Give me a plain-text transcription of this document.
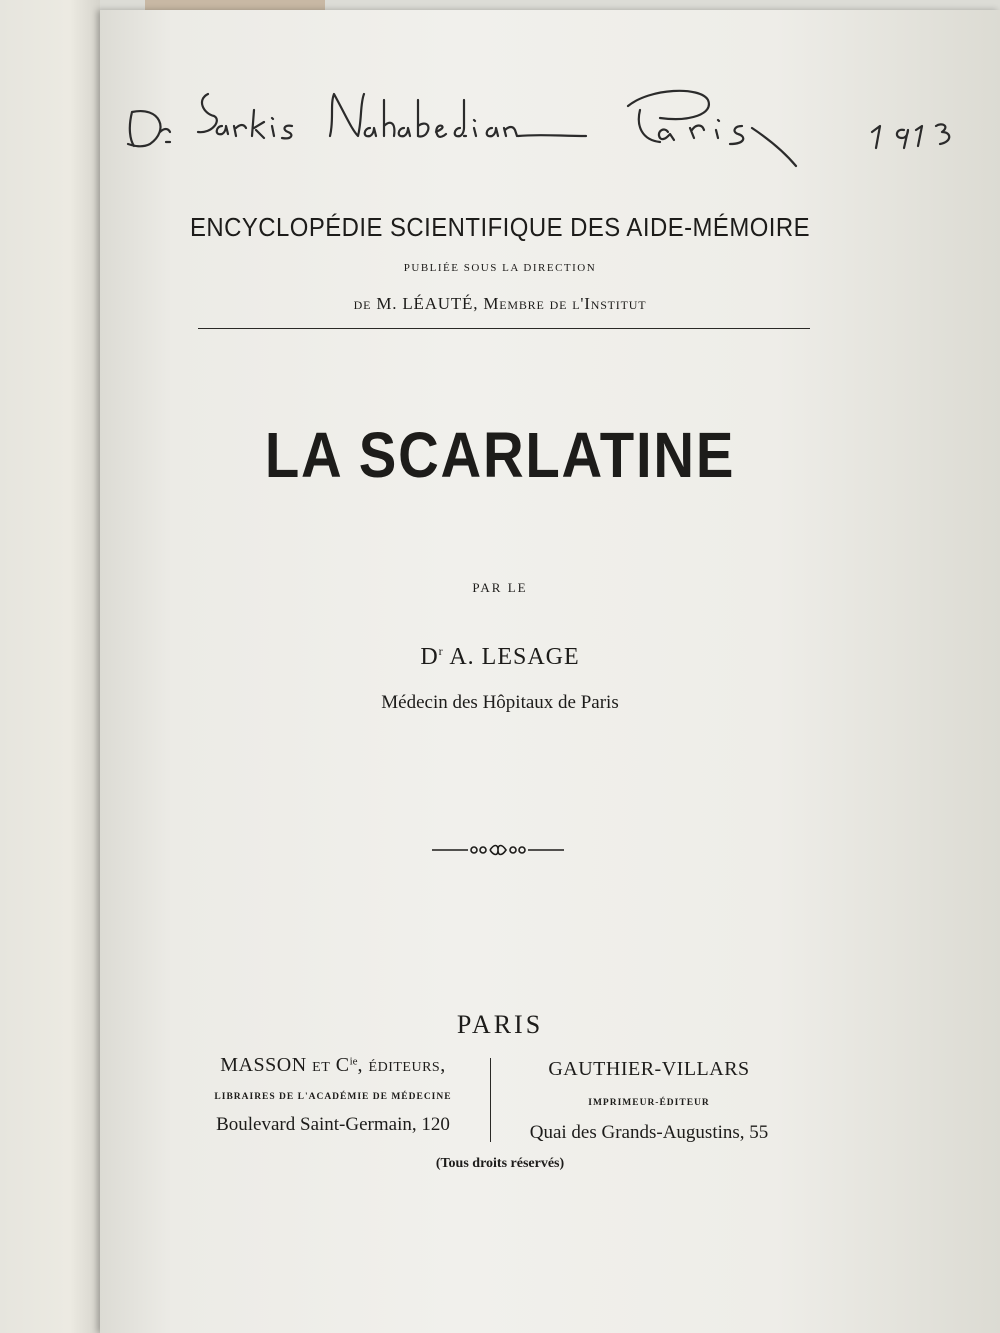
ENCYCLOPÉDIE SCIENTIFIQUE DES AIDE-MÉMOIRE
PUBLIÉE SOUS LA DIRECTION
de M. LÉAUTÉ, Membre de l'Institut
LA SCARLATINE
PAR LE
$D^r$ A. LESAGE
Médecin des Hôpitaux de Paris
PARIS
MASSON et $C^{ie}$, éditeurs,
LIBRAIRES DE L'ACADÉMIE DE MÉDECINE
Boulevard Saint-Germain, 120
GAUTHIER-VILLARS
IMPRIMEUR-ÉDITEUR
Quai des Grands-Augustins, 55
(Tous droits réservés)
